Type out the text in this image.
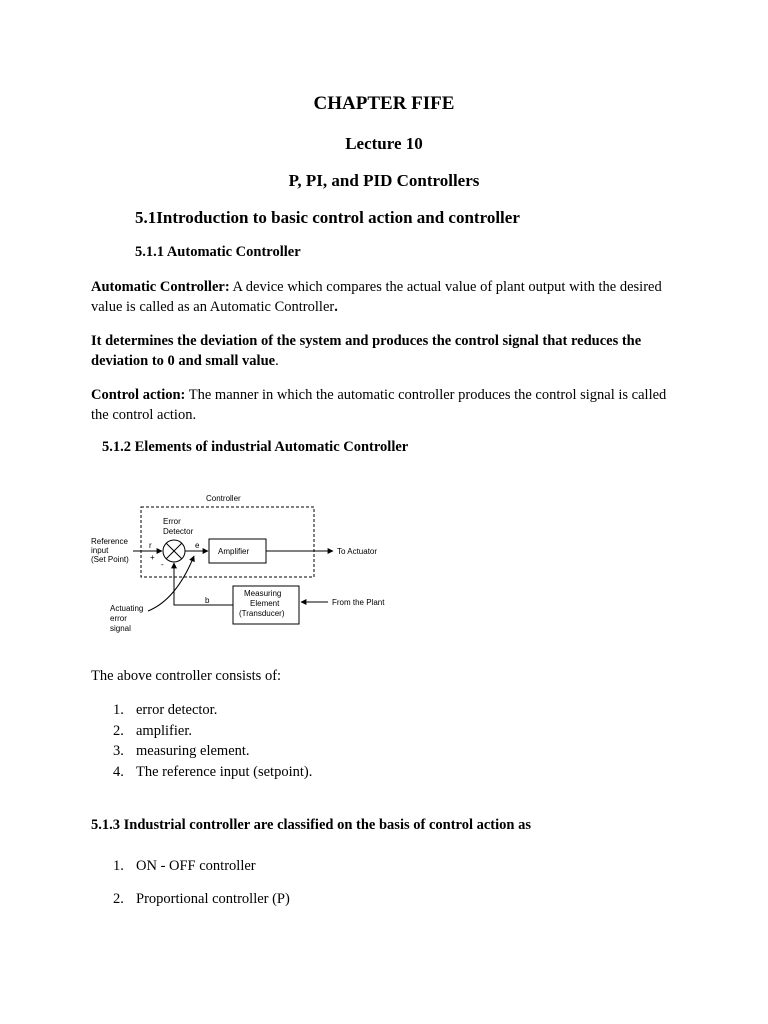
CHAPTER FIFE
Lecture 10
P, PI, and PID Controllers
5.1Introduction to basic control action and controller
5.1.1 Automatic Controller

Automatic Controller: A device which compares the actual value of plant output with the desired value is called as an Automatic Controller.

It determines the deviation of the system and produces the control signal that reduces the deviation to 0 and small value.

Control action: The manner in which the automatic controller produces the control signal is called the control action.

5.1.2 Elements of industrial Automatic Controller
Controller
Error
Detector
Reference
input
(Set Point)
r
+
-
e
Amplifier	To Actuator
Measuring
Element
(Transducer)
From the Plant
b
Actuating
error
signal

The above controller consists of:

1. error detector.
2. amplifier.
3. measuring element.
4. The reference input (setpoint).
5.1.3 Industrial controller are classified on the basis of control action as
1. ON - OFF controller
2. Proportional controller (P)
